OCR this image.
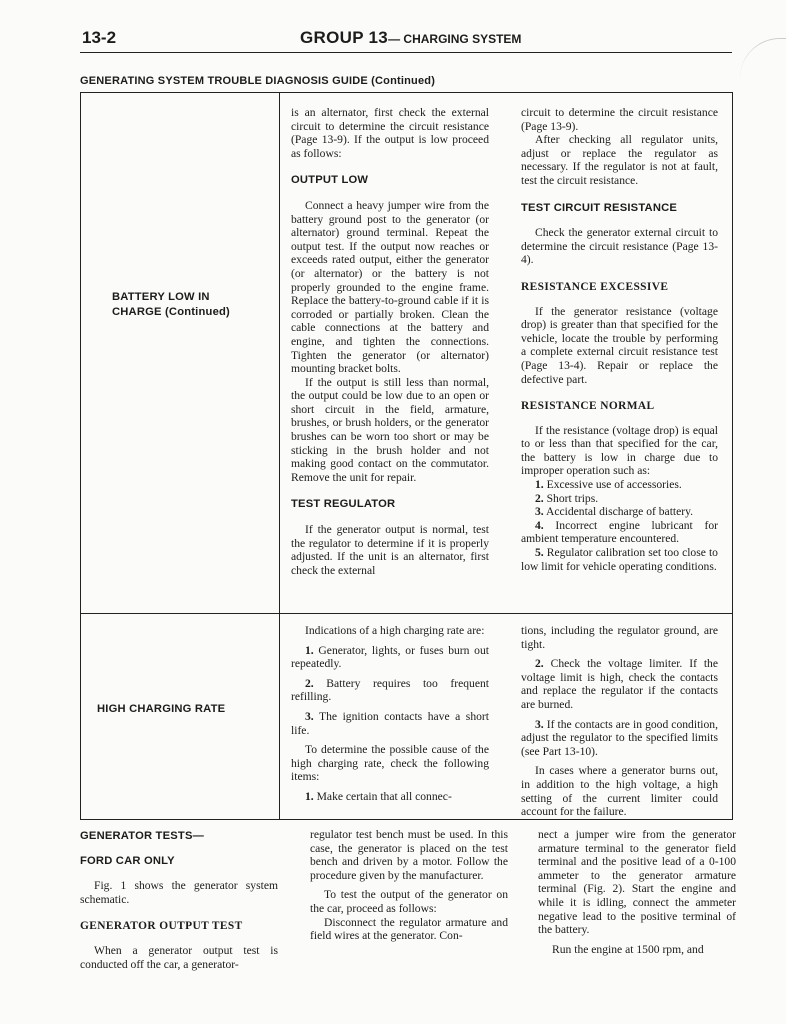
13-2	GROUP 13— CHARGING SYSTEM
GENERATING SYSTEM TROUBLE DIAGNOSIS GUIDE (Continued)
BATTERY LOW IN
CHARGE (Continued)

is an alternator, first check the external circuit to determine the circuit resistance (Page 13-9). If the output is low proceed as follows:

OUTPUT LOW

Connect a heavy jumper wire from the battery ground post to the generator (or alternator) ground terminal. Repeat the output test. If the output now reaches or exceeds rated output, either the generator (or alternator) or the battery is not properly grounded to the engine frame. Replace the battery-to-ground cable if it is corroded or partially broken. Clean the cable connections at the battery and engine, and tighten the connections. Tighten the generator (or alternator) mounting bracket bolts.

If the output is still less than normal, the output could be low due to an open or short circuit in the field, armature, brushes, or brush holders, or the generator brushes can be worn too short or may be sticking in the brush holder and not making good contact on the commutator. Remove the unit for repair.

TEST REGULATOR

If the generator output is normal, test the regulator to determine if it is properly adjusted. If the unit is an alternator, first check the external

circuit to determine the circuit resistance (Page 13-9).

After checking all regulator units, adjust or replace the regulator as necessary. If the regulator is not at fault, test the circuit resistance.

TEST CIRCUIT RESISTANCE

Check the generator external circuit to determine the circuit resistance (Page 13-4).

RESISTANCE EXCESSIVE

If the generator resistance (voltage drop) is greater than that specified for the vehicle, locate the trouble by performing a complete external circuit resistance test (Page 13-4). Repair or replace the defective part.

RESISTANCE NORMAL

If the resistance (voltage drop) is equal to or less than that specified for the car, the battery is low in charge due to improper operation such as:

1. Excessive use of accessories.

2. Short trips.

3. Accidental discharge of battery.

4. Incorrect engine lubricant for ambient temperature encountered.

5. Regulator calibration set too close to low limit for vehicle operating conditions.

HIGH CHARGING RATE

Indications of a high charging rate are:

1. Generator, lights, or fuses burn out repeatedly.

2. Battery requires too frequent refilling.

3. The ignition contacts have a short life.

To determine the possible cause of the high charging rate, check the following items:

1. Make certain that all connec-

tions, including the regulator ground, are tight.

2. Check the voltage limiter. If the voltage limit is high, check the contacts and replace the regulator if the contacts are burned.

3. If the contacts are in good condition, adjust the regulator to the specified limits (see Part 13-10).

In cases where a generator burns out, in addition to the high voltage, a high setting of the current limiter could account for the failure.

GENERATOR TESTS—
FORD CAR ONLY

Fig. 1 shows the generator system schematic.

GENERATOR OUTPUT TEST

When a generator output test is conducted off the car, a generator-

regulator test bench must be used. In this case, the generator is placed on the test bench and driven by a motor. Follow the procedure given by the manufacturer.

To test the output of the generator on the car, proceed as follows:

Disconnect the regulator armature and field wires at the generator. Con-

nect a jumper wire from the generator armature terminal to the generator field terminal and the positive lead of a 0-100 ammeter to the generator armature terminal (Fig. 2). Start the engine and while it is idling, connect the ammeter negative lead to the positive terminal of the battery.

Run the engine at 1500 rpm, and
